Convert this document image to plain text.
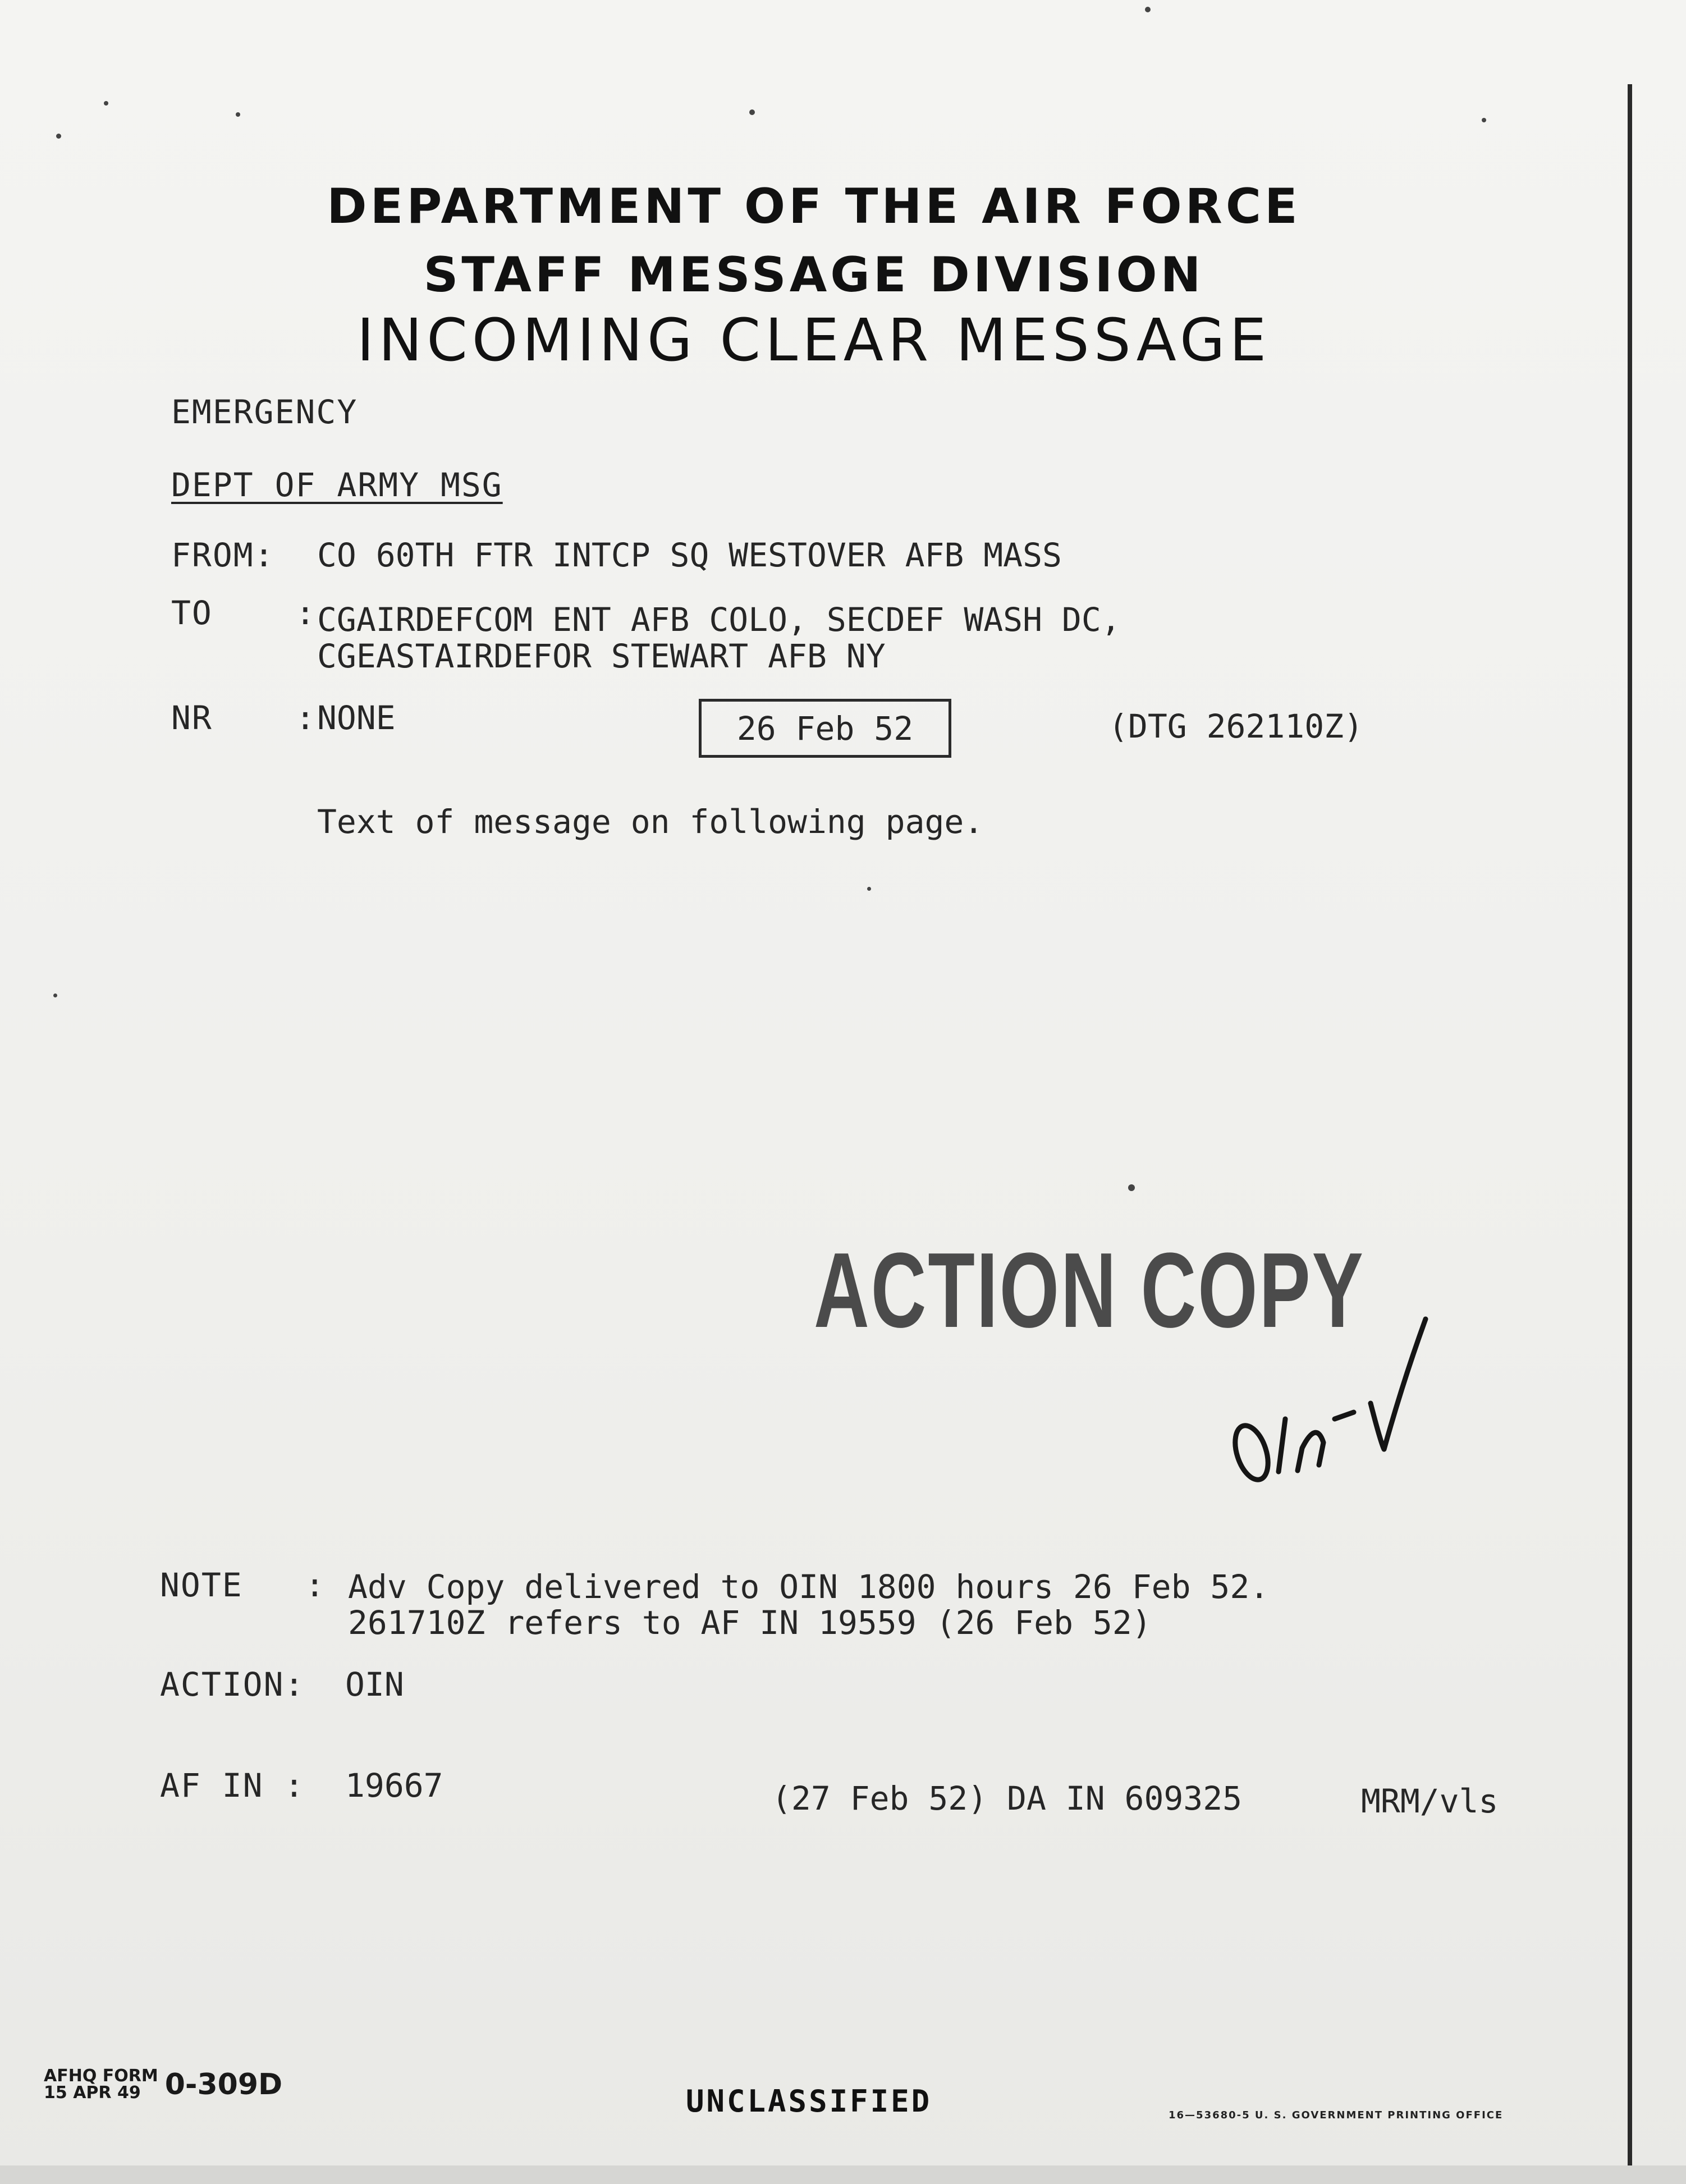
DEPARTMENT OF THE AIR FORCE
STAFF MESSAGE DIVISION
INCOMING CLEAR MESSAGE
EMERGENCY
DEPT OF ARMY MSG
FROM: CO 60TH FTR INTCP SQ WESTOVER AFB MASS
TO    : CGAIRDEFCOM ENT AFB COLO, SECDEF WASH DC,
CGEASTAIRDEFOR STEWART AFB NY
NR    : NONE	26 Feb 52	(DTG 262110Z)
Text of message on following page.
ACTION COPY
NOTE   : Adv Copy delivered to OIN 1800 hours 26 Feb 52.
261710Z refers to AF IN 19559 (26 Feb 52)
ACTION: OIN
AF IN : 19667	(27 Feb 52) DA IN 609325	MRM/vls
AFHQ FORM
15 APR 49 0-309D	UNCLASSIFIED	16—53680-5 U. S. GOVERNMENT PRINTING OFFICE
